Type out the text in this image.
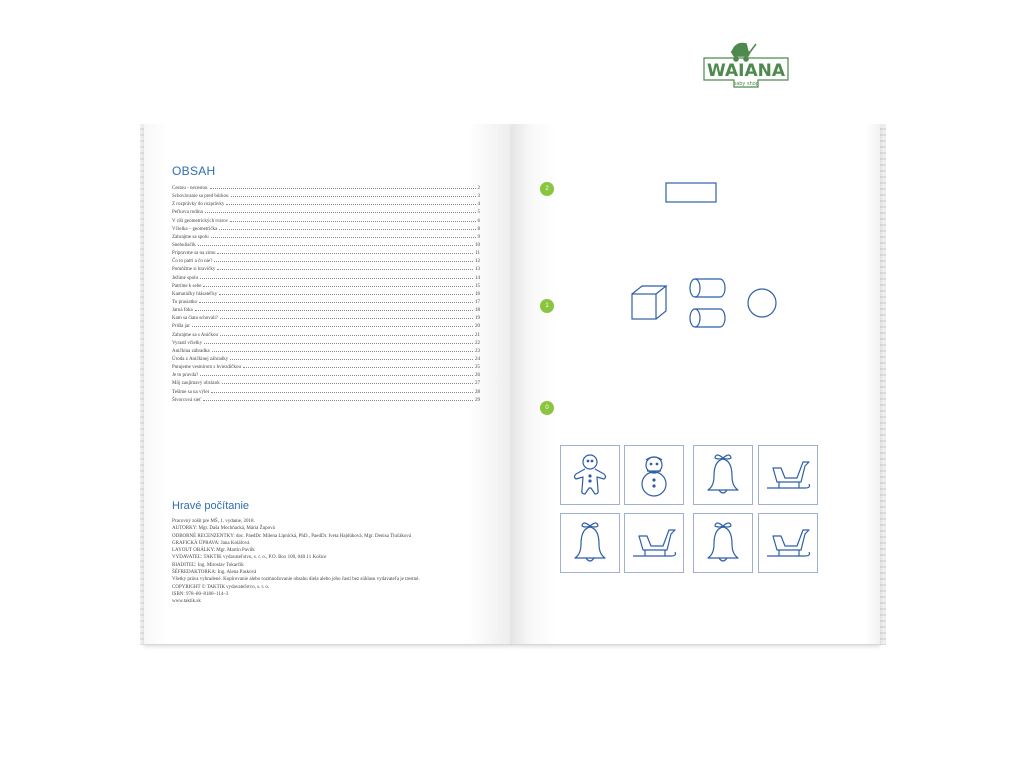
WAIANA
baby shop
OBSAH
Cestou - necestou	2
Schovávanie sa pred búrkou	3
Z rozprávky do rozprávky	4
Peťkova rodina	5
V ríši geometrických tvarov	6
Včielka – geometrička	8
Zahrajme sa spolu	9
Snehuliačik	10
Pripravme sa na zimu	11
Čo to patrí a čo nie?	12
Pomôžme si hravičky	13
Ježime spolu	14
Patríme k sebe	15
Kamaráčky hlásateľky	16
Tu prasiatko	17
Jarná fóka	18
Kam sa čiata schovali?	19
Prišla jar	20
Zahrajme sa s Aničkou	21
Vyrastí včielky	22
Aničkina záhradka	23
Úroda z Aničkinej záhradky	24
Putujeme vesmírom s hviezdičkou	25
Je to pravda?	26
Môj zaujímavý obrázok	27
Tešíme sa na výlet	28
Štvorcová sieť	29
Hravé počítanie
Pracovný zošit pre MŠ, 1. vydanie, 2018.
AUTORKY: Mgr. Daša Mochňacká, Mária Župová
ODBORNÉ RECENZENTKY: doc. PaedDr. Milena Lipnická, PhD., PaedDr. Iveta Hajdúková, Mgr. Denisa Tlučáková
GRAFICKÁ ÚPRAVA: Jana Kolářová
LAYOUT OBÁLKY: Mgr. Martin Pavlík
VYDAVATEĽ: TAKTIK vydavateľstvo, s. r. o., P.O. Box 100, 040 11 Košice
RIADITEĽ: Ing. Miroslav Tokarčík
ŠÉFREDAKTORKA: Ing. Alena Pasková
Všetky práva vyhradené. Kopírovanie alebo rozmnožovanie obsahu diela alebo jeho častí bez súhlasu vydavateľa je trestné.
COPYRIGHT © TAKTIK vydavateľstvo, s. r. o.
ISBN: 978–80–8180–114–3
www.taktik.sk
2
1
0
